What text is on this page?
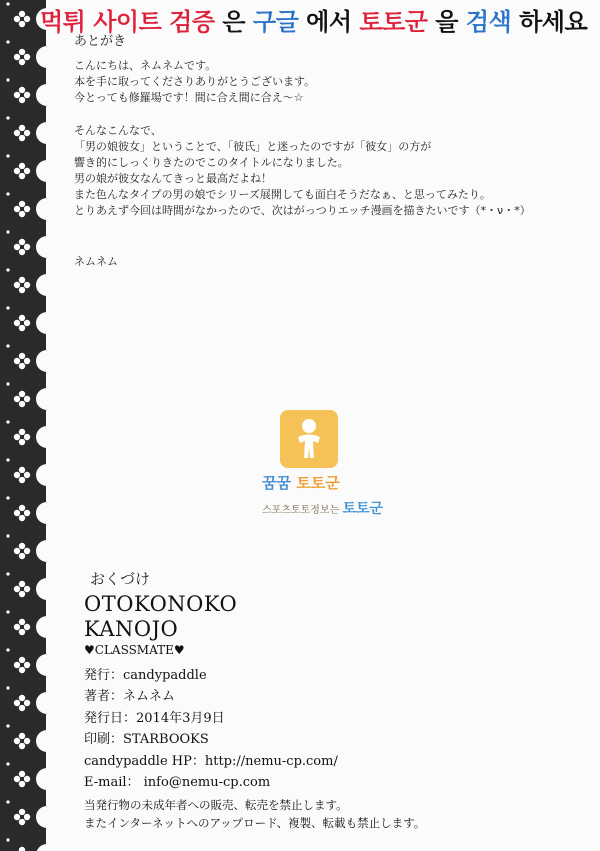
먹튀 사이트 검증 은 구글 에서 토토군 을 검색 하세요
あとがき
こんにちは、ネムネムです。
本を手に取ってくださりありがとうございます。
今とっても修羅場です！間に合え間に合え～☆
そんなこんなで、
「男の娘彼女」ということで、「彼氏」と迷ったのですが「彼女」の方が
響き的にしっくりきたのでこのタイトルになりました。
男の娘が彼女なんてきっと最高だよね！
また色んなタイプの男の娘でシリーズ展開しても面白そうだなぁ、と思ってみたり。
とりあえず今回は時間がなかったので、次はがっつりエッチ漫画を描きたいです（*・ν・*）
ネムネム
꿈꿈 토토군
스포츠토토정보는 토토군
おくづけ
OTOKONOKO
KANOJO
♥CLASSMATE♥
発行：candypaddle
著者：ネムネム
発行日：2014年3月9日
印刷：STARBOOKS
candypaddle HP：http://nemu-cp.com/
E-mail： info@nemu-cp.com
当発行物の未成年者への販売、転売を禁止します。
またインターネットへのアップロード、複製、転載も禁止します。
